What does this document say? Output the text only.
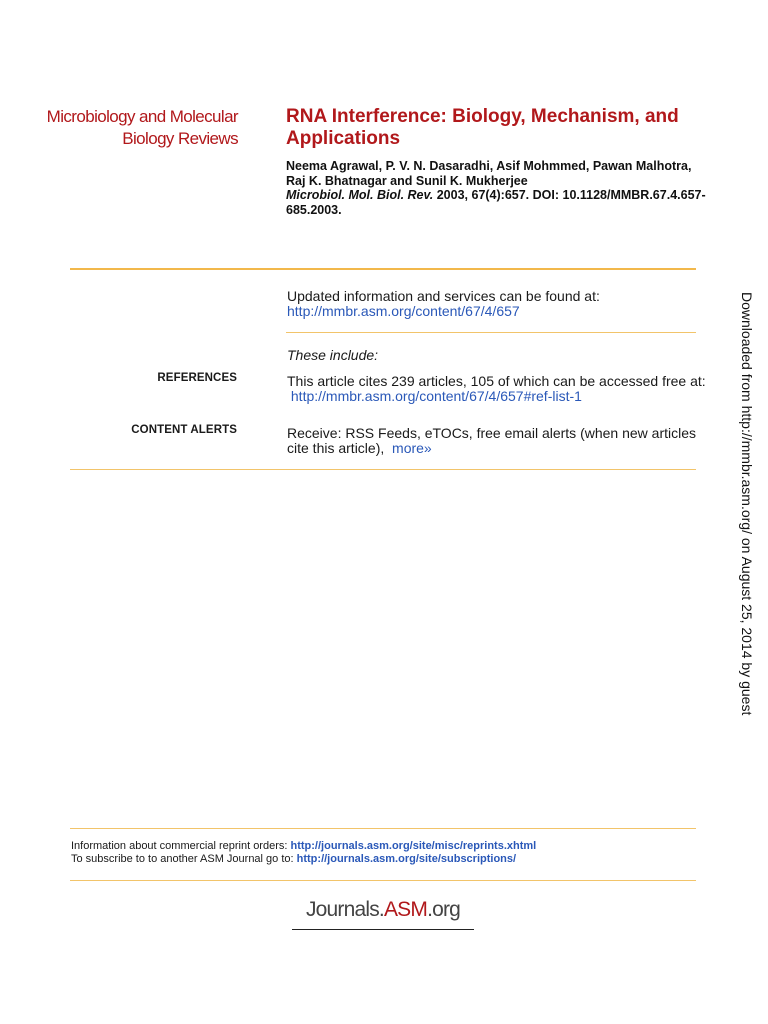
Microbiology and Molecular
Biology Reviews
RNA Interference: Biology, Mechanism, and Applications
Neema Agrawal, P. V. N. Dasaradhi, Asif Mohmmed, Pawan Malhotra, Raj K. Bhatnagar and Sunil K. Mukherjee
Microbiol. Mol. Biol. Rev. 2003, 67(4):657. DOI: 10.1128/MMBR.67.4.657-685.2003.
Updated information and services can be found at:
http://mmbr.asm.org/content/67/4/657
These include:
REFERENCES	This article cites 239 articles, 105 of which can be accessed free at:  http://mmbr.asm.org/content/67/4/657#ref-list-1
CONTENT ALERTS	Receive: RSS Feeds, eTOCs, free email alerts (when new articles cite this article), more»
Information about commercial reprint orders: http://journals.asm.org/site/misc/reprints.xhtml
To subscribe to to another ASM Journal go to: http://journals.asm.org/site/subscriptions/
Journals.ASM.org
Downloaded from http://mmbr.asm.org/ on August 25, 2014 by guest
